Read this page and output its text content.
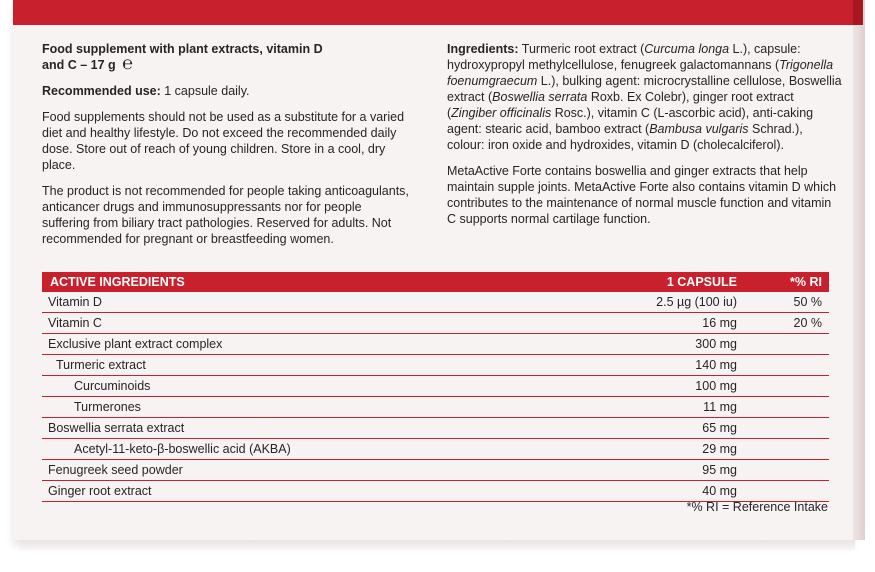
Food supplement with plant extracts, vitamin D
and C – 17 g ℮

Recommended use: 1 capsule daily.

Food supplements should not be used as a substitute for a varied diet and healthy lifestyle. Do not exceed the recommended daily dose. Store out of reach of young children. Store in a cool, dry place.

The product is not recommended for people taking anticoagulants, anticancer drugs and immunosuppressants nor for people suffering from biliary tract pathologies. Reserved for adults. Not recommended for pregnant or breastfeeding women.

Ingredients: Turmeric root extract (Curcuma longa L.), capsule: hydroxypropyl methylcellulose, fenugreek galactomannans (Trigonella foenumgraecum L.), bulking agent: microcrystalline cellulose, Boswellia extract (Boswellia serrata Roxb. Ex Colebr), ginger root extract (Zingiber officinalis Rosc.), vitamin C (L-ascorbic acid), anti-caking agent: stearic acid, bamboo extract (Bambusa vulgaris Schrad.), colour: iron oxide and hydroxides, vitamin D (cholecalciferol).

MetaActive Forte contains boswellia and ginger extracts that help maintain supple joints. MetaActive Forte also contains vitamin D which contributes to the maintenance of normal muscle function and vitamin C supports normal cartilage function.

ACTIVE INGREDIENTS	1 CAPSULE	*% RI
Vitamin D	2.5 µg (100 iu)	50 %
Vitamin C	16 mg	20 %
Exclusive plant extract complex	300 mg
Turmeric extract	140 mg
Curcuminoids	100 mg
Turmerones	11 mg
Boswellia serrata extract	65 mg
Acetyl-11-keto-β-boswellic acid (AKBA)	29 mg
Fenugreek seed powder	95 mg
Ginger root extract	40 mg
*% RI = Reference Intake
